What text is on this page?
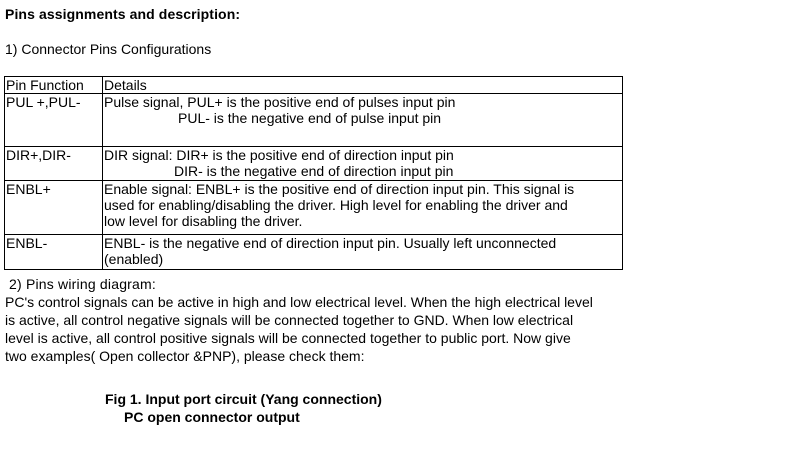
Pins assignments and description:
1) Connector Pins Configurations
Pin Function	Details
PUL +,PUL-	Pulse signal, PUL+ is the positive end of pulses input pin
PUL- is the negative end of pulse input pin

DIR+,DIR-	DIR signal: DIR+ is the positive end of direction input pin
DIR- is the negative end of direction input pin

ENBL+	Enable signal: ENBL+ is the positive end of direction input pin. This signal is
used for enabling/disabling the driver. High level for enabling the driver and
low level for disabling the driver.

ENBL-	ENBL- is the negative end of direction input pin. Usually left unconnected
(enabled)
2) Pins wiring diagram:
PC's control signals can be active in high and low electrical level. When the high electrical level
is active, all control negative signals will be connected together to GND. When low electrical
level is active, all control positive signals will be connected together to public port. Now give
two examples( Open collector &PNP), please check them:
Fig 1. Input port circuit (Yang connection)
PC open connector output
